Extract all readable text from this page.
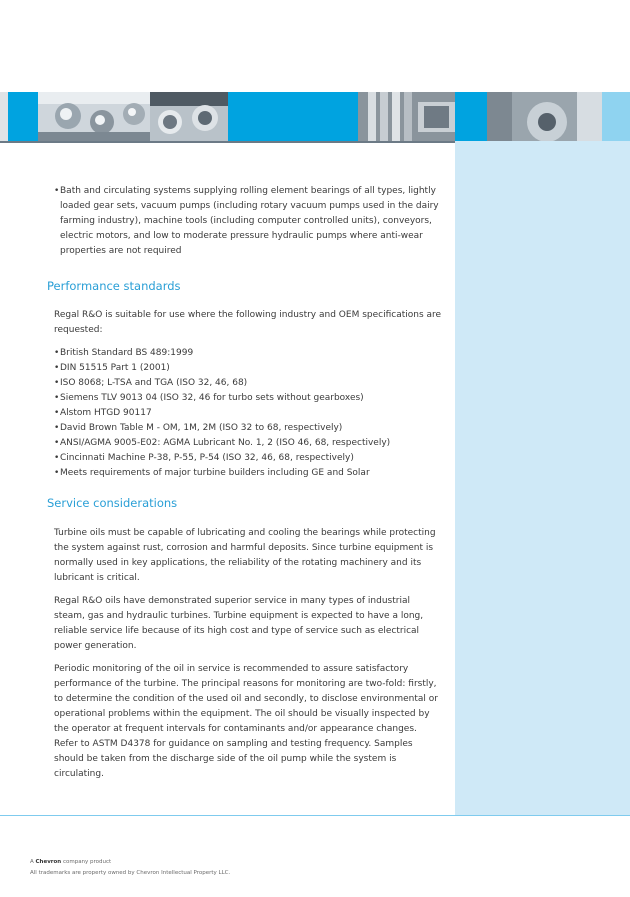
• Bath and circulating systems supplying rolling element bearings of all types, lightly loaded gear sets, vacuum pumps (including rotary vacuum pumps used in the dairy farming industry), machine tools (including computer controlled units), conveyors, electric motors, and low to moderate pressure hydraulic pumps where anti-wear properties are not required
Performance standards

Regal R&O is suitable for use where the following industry and OEM specifications are requested:

• British Standard BS 489:1999
• DIN 51515 Part 1 (2001)
• ISO 8068; L-TSA and TGA (ISO 32, 46, 68)
• Siemens TLV 9013 04 (ISO 32, 46 for turbo sets without gearboxes)
• Alstom HTGD 90117
• David Brown Table M - OM, 1M, 2M (ISO 32 to 68, respectively)
• ANSI/AGMA 9005-E02: AGMA Lubricant No. 1, 2 (ISO 46, 68, respectively)
• Cincinnati Machine P-38, P-55, P-54 (ISO 32, 46, 68, respectively)
• Meets requirements of major turbine builders including GE and Solar
Service considerations

Turbine oils must be capable of lubricating and cooling the bearings while protecting the system against rust, corrosion and harmful deposits. Since turbine equipment is normally used in key applications, the reliability of the rotating machinery and its lubricant is critical.

Regal R&O oils have demonstrated superior service in many types of industrial steam, gas and hydraulic turbines. Turbine equipment is expected to have a long, reliable service life because of its high cost and type of service such as electrical power generation.

Periodic monitoring of the oil in service is recommended to assure satisfactory performance of the turbine. The principal reasons for monitoring are two-fold: firstly, to determine the condition of the used oil and secondly, to disclose environmental or operational problems within the equipment. The oil should be visually inspected by the operator at frequent intervals for contaminants and/or appearance changes. Refer to ASTM D4378 for guidance on sampling and testing frequency. Samples should be taken from the discharge side of the oil pump while the system is circulating.

A Chevron company product
All trademarks are property owned by Chevron Intellectual Property LLC.
